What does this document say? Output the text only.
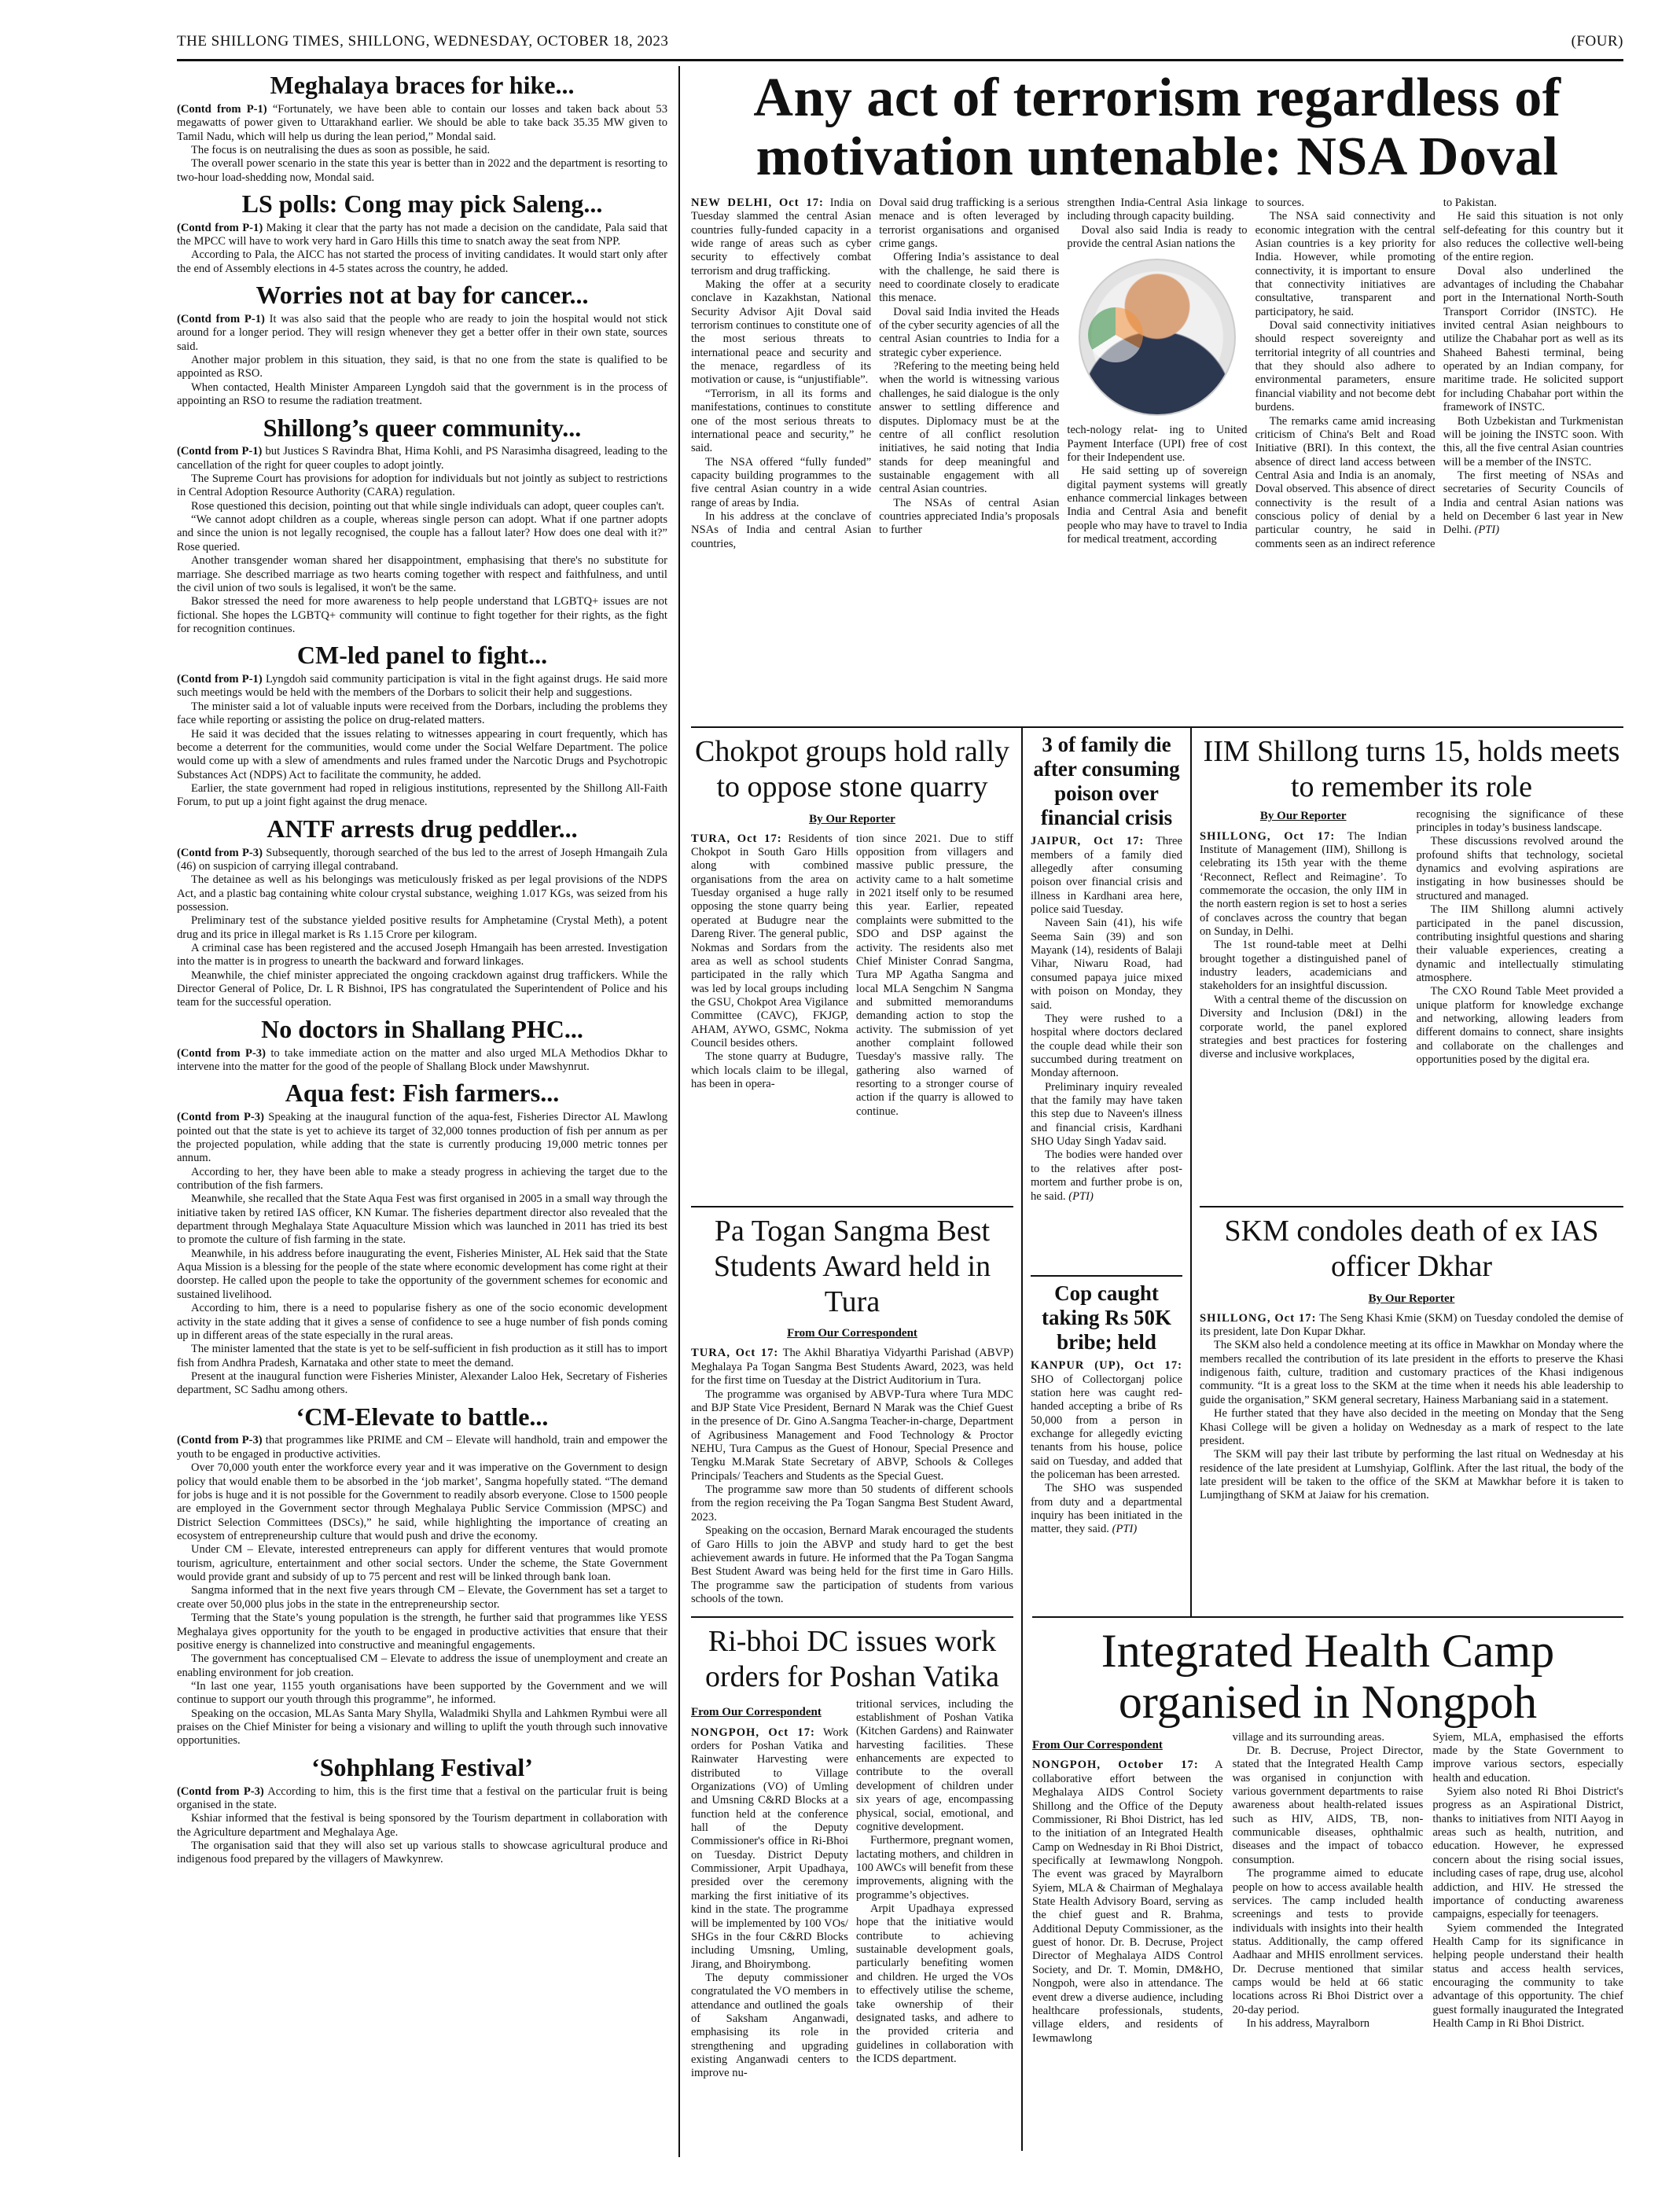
THE SHILLONG TIMES, SHILLONG, WEDNESDAY, OCTOBER 18, 2023	(FOUR)
Meghalaya braces for hike...

(Contd from P-1) “Fortunately, we have been able to contain our losses and taken back about 53 megawatts of power given to Uttarakhand earlier. We should be able to take back 35.35 MW given to Tamil Nadu, which will help us during the lean period,” Mondal said.

The focus is on neutralising the dues as soon as possible, he said.

The overall power scenario in the state this year is better than in 2022 and the department is resorting to two-hour load-shedding now, Mondal said.

LS polls: Cong may pick Saleng...

(Contd from P-1) Making it clear that the party has not made a decision on the candidate, Pala said that the MPCC will have to work very hard in Garo Hills this time to snatch away the seat from NPP.

According to Pala, the AICC has not started the process of inviting candidates. It would start only after the end of Assembly elections in 4-5 states across the country, he added.

Worries not at bay for cancer...

(Contd from P-1) It was also said that the people who are ready to join the hospital would not stick around for a longer period. They will resign whenever they get a better offer in their own state, sources said.

Another major problem in this situation, they said, is that no one from the state is qualified to be appointed as RSO.

When contacted, Health Minister Ampareen Lyngdoh said that the government is in the process of appointing an RSO to resume the radiation treatment.

Shillong’s queer community...

(Contd from P-1) but Justices S Ravindra Bhat, Hima Kohli, and PS Narasimha disagreed, leading to the cancellation of the right for queer couples to adopt jointly.

The Supreme Court has provisions for adoption for individuals but not jointly as subject to restrictions in Central Adoption Resource Authority (CARA) regulation.

Rose questioned this decision, pointing out that while single individuals can adopt, queer couples can't.

“We cannot adopt children as a couple, whereas single person can adopt. What if one partner adopts and since the union is not legally recognised, the couple has a fallout later? How does one deal with it?” Rose queried.

Another transgender woman shared her disappointment, emphasising that there's no substitute for marriage. She described marriage as two hearts coming together with respect and faithfulness, and until the civil union of two souls is legalised, it won't be the same.

Bakor stressed the need for more awareness to help people understand that LGBTQ+ issues are not fictional. She hopes the LGBTQ+ community will continue to fight together for their rights, as the fight for recognition continues.

CM-led panel to fight...

(Contd from P-1) Lyngdoh said community participation is vital in the fight against drugs. He said more such meetings would be held with the members of the Dorbars to solicit their help and suggestions.

The minister said a lot of valuable inputs were received from the Dorbars, including the problems they face while reporting or assisting the police on drug-related matters.

He said it was decided that the issues relating to witnesses appearing in court frequently, which has become a deterrent for the communities, would come under the Social Welfare Department. The police would come up with a slew of amendments and rules framed under the Narcotic Drugs and Psychotropic Substances Act (NDPS) Act to facilitate the community, he added.

Earlier, the state government had roped in religious institutions, represented by the Shillong All-Faith Forum, to put up a joint fight against the drug menace.

ANTF arrests drug peddler...

(Contd from P-3) Subsequently, thorough searched of the bus led to the arrest of Joseph Hmangaih Zula (46) on suspicion of carrying illegal contraband.

The detainee as well as his belongings was meticulously frisked as per legal provisions of the NDPS Act, and a plastic bag containing white colour crystal substance, weighing 1.017 KGs, was seized from his possession.

Preliminary test of the substance yielded positive results for Amphetamine (Crystal Meth), a potent drug and its price in illegal market is Rs 1.15 Crore per kilogram.

A criminal case has been registered and the accused Joseph Hmangaih has been arrested. Investigation into the matter is in progress to unearth the backward and forward linkages.

Meanwhile, the chief minister appreciated the ongoing crackdown against drug traffickers. While the Director General of Police, Dr. L R Bishnoi, IPS has congratulated the Superintendent of Police and his team for the successful operation.

No doctors in Shallang PHC...

(Contd from P-3) to take immediate action on the matter and also urged MLA Methodios Dkhar to intervene into the matter for the good of the people of Shallang Block under Mawshynrut.

Aqua fest: Fish farmers...

(Contd from P-3) Speaking at the inaugural function of the aqua-fest, Fisheries Director AL Mawlong pointed out that the state is yet to achieve its target of 32,000 tonnes production of fish per annum as per the projected population, while adding that the state is currently producing 19,000 metric tonnes per annum.

According to her, they have been able to make a steady progress in achieving the target due to the contribution of the fish farmers.

Meanwhile, she recalled that the State Aqua Fest was first organised in 2005 in a small way through the initiative taken by retired IAS officer, KN Kumar. The fisheries department director also revealed that the department through Meghalaya State Aquaculture Mission which was launched in 2011 has tried its best to promote the culture of fish farming in the state.

Meanwhile, in his address before inaugurating the event, Fisheries Minister, AL Hek said that the State Aqua Mission is a blessing for the people of the state where economic development has come right at their doorstep. He called upon the people to take the opportunity of the government schemes for economic and sustained livelihood.

According to him, there is a need to popularise fishery as one of the socio economic development activity in the state adding that it gives a sense of confidence to see a huge number of fish ponds coming up in different areas of the state especially in the rural areas.

The minister lamented that the state is yet to be self-sufficient in fish production as it still has to import fish from Andhra Pradesh, Karnataka and other state to meet the demand.

Present at the inaugural function were Fisheries Minister, Alexander Laloo Hek, Secretary of Fisheries department, SC Sadhu among others.

‘CM-Elevate to battle...

(Contd from P-3) that programmes like PRIME and CM – Elevate will handhold, train and empower the youth to be engaged in productive activities.

Over 70,000 youth enter the workforce every year and it was imperative on the Government to design policy that would enable them to be absorbed in the ‘job market’, Sangma hopefully stated. “The demand for jobs is huge and it is not possible for the Government to readily absorb everyone. Close to 1500 people are employed in the Government sector through Meghalaya Public Service Commission (MPSC) and District Selection Committees (DSCs),” he said, while highlighting the importance of creating an ecosystem of entrepreneurship culture that would push and drive the economy.

Under CM – Elevate, interested entrepreneurs can apply for different ventures that would promote tourism, agriculture, entertainment and other social sectors. Under the scheme, the State Government would provide grant and subsidy of up to 75 percent and rest will be linked through bank loan.

Sangma informed that in the next five years through CM – Elevate, the Government has set a target to create over 50,000 plus jobs in the state in the entrepreneurship sector.

Terming that the State’s young population is the strength, he further said that programmes like YESS Meghalaya gives opportunity for the youth to be engaged in productive activities that ensure that their positive energy is channelized into constructive and meaningful engagements.

The government has conceptualised CM – Elevate to address the issue of unemployment and create an enabling environment for job creation.

“In last one year, 1155 youth organisations have been supported by the Government and we will continue to support our youth through this programme”, he informed.

Speaking on the occasion, MLAs Santa Mary Shylla, Waladmiki Shylla and Lahkmen Rymbui were all praises on the Chief Minister for being a visionary and willing to uplift the youth through such innovative opportunities.

‘Sohphlang Festival’

(Contd from P-3) According to him, this is the first time that a festival on the particular fruit is being organised in the state.

Kshiar informed that the festival is being sponsored by the Tourism department in collaboration with the Agriculture department and Meghalaya Age.

The organisation said that they will also set up various stalls to showcase agricultural produce and indigenous food prepared by the villagers of Mawkynrew.

Any act of terrorism regardless of motivation untenable: NSA Doval

NEW DELHI, Oct 17: India on Tuesday slammed the central Asian countries fully-funded capacity in a wide range of areas such as cyber security to effectively combat terrorism and drug trafficking.

Making the offer at a security conclave in Kazakhstan, National Security Advisor Ajit Doval said terrorism continues to constitute one of the most serious threats to international peace and security and the menace, regardless of its motivation or cause, is “unjustifiable”.

“Terrorism, in all its forms and manifestations, continues to constitute one of the most serious threats to international peace and security,” he said.

The NSA offered “fully funded” capacity building programmes to the five central Asian country in a wide range of areas by India.

In his address at the conclave of NSAs of India and central Asian countries,

Doval said drug trafficking is a serious menace and is often leveraged by terrorist organisations and organised crime gangs.

Offering India’s assistance to deal with the challenge, he said there is need to coordinate closely to eradicate this menace.

Doval said India invited the Heads of the cyber security agencies of all the central Asian countries to India for a strategic cyber experience.

?Refering to the meeting being held when the world is witnessing various challenges, he said dialogue is the only answer to settling difference and disputes. Diplomacy must be at the centre of all conflict resolution initiatives, he said noting that India stands for deep meaningful and sustainable engagement with all central Asian countries.

The NSAs of central Asian countries appreciated India’s proposals to further

strengthen India-Central Asia linkage including through capacity building.

Doval also said India is ready to provide the central Asian nations the

tech-nology relat- ing to United Payment Interface (UPI) free of cost for their Independent use.

He said setting up of sovereign digital payment systems will greatly enhance commercial linkages between India and Central Asia and benefit people who may have to travel to India for medical treatment, according

to sources.

The NSA said connectivity and economic integration with the central Asian countries is a key priority for India. However, while promoting connectivity, it is important to ensure that connectivity initiatives are consultative, transparent and participatory, he said.

Doval said connectivity initiatives should respect sovereignty and territorial integrity of all countries and that they should also adhere to environmental parameters, ensure financial viability and not become debt burdens.

The remarks came amid increasing criticism of China's Belt and Road Initiative (BRI). In this context, the absence of direct land access between Central Asia and India is an anomaly, Doval observed. This absence of direct connectivity is the result of a conscious policy of denial by a particular country, he said in comments seen as an indirect reference

to Pakistan.

He said this situation is not only self-defeating for this country but it also reduces the collective well-being of the entire region.

Doval also underlined the advantages of including the Chabahar port in the International North-South Transport Corridor (INSTC). He invited central Asian neighbours to utilize the Chabahar port as well as its Shaheed Bahesti terminal, being operated by an Indian company, for maritime trade. He solicited support for including Chabahar port within the framework of INSTC.

Both Uzbekistan and Turkmenistan will be joining the INSTC soon. With this, all the five central Asian countries will be a member of the INSTC.

The first meeting of NSAs and secretaries of Security Councils of India and central Asian nations was held on December 6 last year in New Delhi. (PTI)

Chokpot groups hold rally to oppose stone quarry
By Our Reporter

TURA, Oct 17: Residents of Chokpot in South Garo Hills along with combined organisations from the area on Tuesday organised a huge rally opposing the stone quarry being operated at Budugre near the Dareng River. The general public, Nokmas and Sordars from the area as well as school students participated in the rally which was led by local groups including the GSU, Chokpot Area Vigilance Committee (CAVC), FKJGP, AHAM, AYWO, GSMC, Nokma Council besides others.

The stone quarry at Budugre, which locals claim to be illegal, has been in opera-

tion since 2021. Due to stiff opposition from villagers and massive public pressure, the activity came to a halt sometime in 2021 itself only to be resumed this year. Earlier, repeated complaints were submitted to the SDO and DSP against the activity. The residents also met Chief Minister Conrad Sangma, Tura MP Agatha Sangma and local MLA Sengchim N Sangma and submitted memorandums demanding action to stop the activity. The submission of yet another complaint followed Tuesday's massive rally. The gathering also warned of resorting to a stronger course of action if the quarry is allowed to continue.

Pa Togan Sangma Best Students Award held in Tura
From Our Correspondent

TURA, Oct 17: The Akhil Bharatiya Vidyarthi Parishad (ABVP) Meghalaya Pa Togan Sangma Best Students Award, 2023, was held for the first time on Tuesday at the District Auditorium in Tura.

The programme was organised by ABVP-Tura where Tura MDC and BJP State Vice President, Bernard N Marak was the Chief Guest in the presence of Dr. Gino A.Sangma Teacher-in-charge, Department of Agribusiness Management and Food Technology & Proctor NEHU, Tura Campus as the Guest of Honour, Special Presence and Tengku M.Marak State Secretary of ABVP, Schools & Colleges Principals/ Teachers and Students as the Special Guest.

The programme saw more than 50 students of different schools from the region receiving the Pa Togan Sangma Best Student Award, 2023.

Speaking on the occasion, Bernard Marak encouraged the students of Garo Hills to join the ABVP and study hard to get the best achievement awards in future. He informed that the Pa Togan Sangma Best Student Award was being held for the first time in Garo Hills. The programme saw the participation of students from various schools of the town.

3 of family die after consuming poison over financial crisis

JAIPUR, Oct 17: Three members of a family died allegedly after consuming poison over financial crisis and illness in Kardhani area here, police said Tuesday.

Naveen Sain (41), his wife Seema Sain (39) and son Mayank (14), residents of Balaji Vihar, Niwaru Road, had consumed papaya juice mixed with poison on Monday, they said.

They were rushed to a hospital where doctors declared the couple dead while their son succumbed during treatment on Monday afternoon.

Preliminary inquiry revealed that the family may have taken this step due to Naveen's illness and financial crisis, Kardhani SHO Uday Singh Yadav said.

The bodies were handed over to the relatives after post-mortem and further probe is on, he said. (PTI)

Cop caught taking Rs 50K bribe; held

KANPUR (UP), Oct 17: SHO of Collectorganj police station here was caught red-handed accepting a bribe of Rs 50,000 from a person in exchange for allegedly evicting tenants from his house, police said on Tuesday, and added that the policeman has been arrested.

The SHO was suspended from duty and a departmental inquiry has been initiated in the matter, they said. (PTI)

IIM Shillong turns 15, holds meets to remember its role
By Our Reporter

SHILLONG, Oct 17: The Indian Institute of Management (IIM), Shillong is celebrating its 15th year with the theme ‘Reconnect, Reflect and Reimagine’. To commemorate the occasion, the only IIM in the north eastern region is set to host a series of conclaves across the country that began on Sunday, in Delhi.

The 1st round-table meet at Delhi brought together a distinguished panel of industry leaders, academicians and stakeholders for an insightful discussion.

With a central theme of the discussion on Diversity and Inclusion (D&I) in the corporate world, the panel explored strategies and best practices for fostering diverse and inclusive workplaces,

recognising the significance of these principles in today’s business landscape.

These discussions revolved around the profound shifts that technology, societal dynamics and evolving aspirations are instigating in how businesses should be structured and managed.

The IIM Shillong alumni actively participated in the panel discussion, contributing insightful questions and sharing their valuable experiences, creating a dynamic and intellectually stimulating atmosphere.

The CXO Round Table Meet provided a unique platform for knowledge exchange and networking, allowing leaders from different domains to connect, share insights and collaborate on the challenges and opportunities posed by the digital era.

SKM condoles death of ex IAS officer Dkhar
By Our Reporter

SHILLONG, Oct 17: The Seng Khasi Kmie (SKM) on Tuesday condoled the demise of its president, late Don Kupar Dkhar.

The SKM also held a condolence meeting at its office in Mawkhar on Monday where the members recalled the contribution of its late president in the efforts to preserve the Khasi indigenous faith, culture, tradition and customary practices of the Khasi indigenous community. “It is a great loss to the SKM at the time when it needs his able leadership to guide the organisation,” SKM general secretary, Hainess Marbaniang said in a statement.

He further stated that they have also decided in the meeting on Monday that the Seng Khasi College will be given a holiday on Wednesday as a mark of respect to the late president.

The SKM will pay their last tribute by performing the last ritual on Wednesday at his residence of the late president at Lumshyiap, Golflink. After the last ritual, the body of the late president will be taken to the office of the SKM at Mawkhar before it is taken to Lumjingthang of SKM at Jaiaw for his cremation.

Ri-bhoi DC issues work orders for Poshan Vatika
From Our Correspondent

NONGPOH, Oct 17: Work orders for Poshan Vatika and Rainwater Harvesting were distributed to Village Organizations (VO) of Umling and Umsning C&RD Blocks at a function held at the conference hall of the Deputy Commissioner's office in Ri-Bhoi on Tuesday. District Deputy Commissioner, Arpit Upadhaya, presided over the ceremony marking the first initiative of its kind in the state. The programme will be implemented by 100 VOs/ SHGs in the four C&RD Blocks including Umsning, Umling, Jirang, and Bhoirymbong.

The deputy commissioner congratulated the VO members in attendance and outlined the goals of Saksham Anganwadi, emphasising its role in strengthening and upgrading existing Anganwadi centers to improve nu-

tritional services, including the establishment of Poshan Vatika (Kitchen Gardens) and Rainwater harvesting facilities. These enhancements are expected to contribute to the overall development of children under six years of age, encompassing physical, social, emotional, and cognitive development.

Furthermore, pregnant women, lactating mothers, and children in 100 AWCs will benefit from these improvements, aligning with the programme’s objectives.

Arpit Upadhaya expressed hope that the initiative would contribute to achieving sustainable development goals, particularly benefiting women and children. He urged the VOs to effectively utilise the scheme, take ownership of their designated tasks, and adhere to the provided criteria and guidelines in collaboration with the ICDS department.

Integrated Health Camp organised in Nongpoh
From Our Correspondent

NONGPOH, October 17: A collaborative effort between the Meghalaya AIDS Control Society Shillong and the Office of the Deputy Commissioner, Ri Bhoi District, has led to the initiation of an Integrated Health Camp on Wednesday in Ri Bhoi District, specifically at Iewmawlong Nongpoh. The event was graced by Mayralborn Syiem, MLA & Chairman of Meghalaya State Health Advisory Board, serving as the chief guest and R. Brahma, Additional Deputy Commissioner, as the guest of honor. Dr. B. Decruse, Project Director of Meghalaya AIDS Control Society, and Dr. T. Momin, DM&HO, Nongpoh, were also in attendance. The event drew a diverse audience, including healthcare professionals, students, village elders, and residents of Iewmawlong

village and its surrounding areas.

Dr. B. Decruse, Project Director, stated that the Integrated Health Camp was organised in conjunction with various government departments to raise awareness about health-related issues such as HIV, AIDS, TB, non-communicable diseases, ophthalmic diseases and the impact of tobacco consumption.

The programme aimed to educate people on how to access available health services. The camp included health screenings and tests to provide individuals with insights into their health status. Additionally, the camp offered Aadhaar and MHIS enrollment services. Dr. Decruse mentioned that similar camps would be held at 66 static locations across Ri Bhoi District over a 20-day period.

In his address, Mayralborn

Syiem, MLA, emphasised the efforts made by the State Government to improve various sectors, especially health and education.

Syiem also noted Ri Bhoi District's progress as an Aspirational District, thanks to initiatives from NITI Aayog in areas such as health, nutrition, and education. However, he expressed concern about the rising social issues, including cases of rape, drug use, alcohol addiction, and HIV. He stressed the importance of conducting awareness campaigns, especially for teenagers.

Syiem commended the Integrated Health Camp for its significance in helping people understand their health status and access health services, encouraging the community to take advantage of this opportunity. The chief guest formally inaugurated the Integrated Health Camp in Ri Bhoi District.
